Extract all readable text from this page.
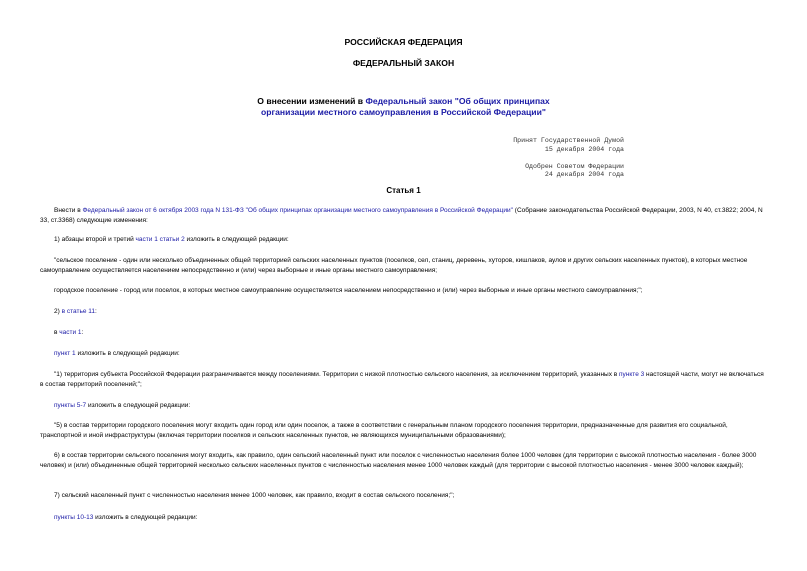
РОССИЙСКАЯ ФЕДЕРАЦИЯ
ФЕДЕРАЛЬНЫЙ ЗАКОН
О внесении изменений в Федеральный закон "Об общих принципах
организации местного самоуправления в Российской Федерации"
Принят Государственной Думой
15 декабря 2004 года

Одобрен Советом Федерации
24 декабря 2004 года
Статья 1
Внести в Федеральный закон от 6 октября 2003 года N 131-ФЗ "Об общих принципах организации местного самоуправления в Российской Федерации" (Собрание законодательства Российской Федерации, 2003, N 40, ст.3822; 2004, N 33, ст.3368) следующие изменения:
1) абзацы второй и третий части 1 статьи 2 изложить в следующей редакции:
"сельское поселение - один или несколько объединенных общей территорией сельских населенных пунктов (поселков, сел, станиц, деревень, хуторов, кишлаков, аулов и других сельских населенных пунктов), в которых местное самоуправление осуществляется населением непосредственно и (или) через выборные и иные органы местного самоуправления;
городское поселение - город или поселок, в которых местное самоуправление осуществляется населением непосредственно и (или) через выборные и иные органы местного самоуправления;";
2) в статье 11:
в части 1:
пункт 1 изложить в следующей редакции:
"1) территория субъекта Российской Федерации разграничивается между поселениями. Территории с низкой плотностью сельского населения, за исключением территорий, указанных в пункте 3 настоящей части, могут не включаться в состав территорий поселений;";
пункты 5-7 изложить в следующей редакции:
"5) в состав территории городского поселения могут входить один город или один поселок, а также в соответствии с генеральным планом городского поселения территории, предназначенные для развития его социальной, транспортной и иной инфраструктуры (включая территории поселков и сельских населенных пунктов, не являющихся муниципальными образованиями);
6) в состав территории сельского поселения могут входить, как правило, один сельский населенный пункт или поселок с численностью населения более 1000 человек (для территории с высокой плотностью населения - более 3000 человек) и (или) объединенные общей территорией несколько сельских населенных пунктов с численностью населения менее 1000 человек каждый (для территории с высокой плотностью населения - менее 3000 человек каждый);
7) сельский населенный пункт с численностью населения менее 1000 человек, как правило, входит в состав сельского поселения;";
пункты 10-13 изложить в следующей редакции:
